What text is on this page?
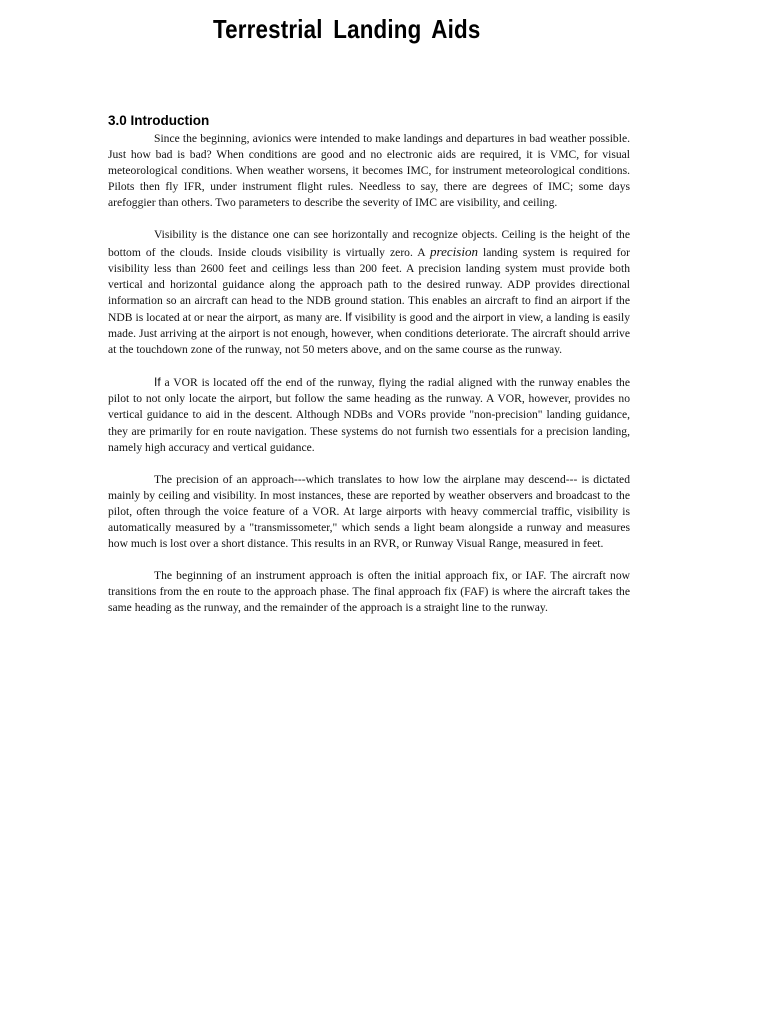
Terrestrial Landing Aids
3.0 Introduction

Since the beginning, avionics were intended to make landings and departures in bad weather possible. Just how bad is bad? When conditions are good and no electronic aids are required, it is VMC, for visual meteorological conditions. When weather worsens, it becomes IMC, for instrument meteorological conditions. Pilots then fly IFR, under instrument flight rules. Needless to say, there are degrees of IMC; some days arefoggier than others. Two parameters to describe the severity of IMC are visibility, and ceiling.

Visibility is the distance one can see horizontally and recognize objects. Ceiling is the height of the bottom of the clouds. Inside clouds visibility is virtually zero. A precision landing system is required for visibility less than 2600 feet and ceilings less than 200 feet. A precision landing system must provide both vertical and horizontal guidance along the approach path to the desired runway. ADP provides directional information so an aircraft can head to the NDB ground station. This enables an aircraft to find an airport if the NDB is located at or near the airport, as many are. If visibility is good and the airport in view, a landing is easily made. Just arriving at the airport is not enough, however, when conditions deteriorate. The aircraft should arrive at the touchdown zone of the runway, not 50 meters above, and on the same course as the runway.

If a VOR is located off the end of the runway, flying the radial aligned with the runway enables the pilot to not only locate the airport, but follow the same heading as the runway. A VOR, however, provides no vertical guidance to aid in the descent. Although NDBs and VORs provide "non-precision" landing guidance, they are primarily for en route navigation. These systems do not furnish two essentials for a precision landing, namely high accuracy and vertical guidance.

The precision of an approach---which translates to how low the airplane may descend--- is dictated mainly by ceiling and visibility. In most instances, these are reported by weather observers and broadcast to the pilot, often through the voice feature of a VOR. At large airports with heavy commercial traffic, visibility is automatically measured by a "transmissometer," which sends a light beam alongside a runway and measures how much is lost over a short distance. This results in an RVR, or Runway Visual Range, measured in feet.

The beginning of an instrument approach is often the initial approach fix, or IAF. The aircraft now transitions from the en route to the approach phase. The final approach fix (FAF) is where the aircraft takes the same heading as the runway, and the remainder of the approach is a straight line to the runway.
